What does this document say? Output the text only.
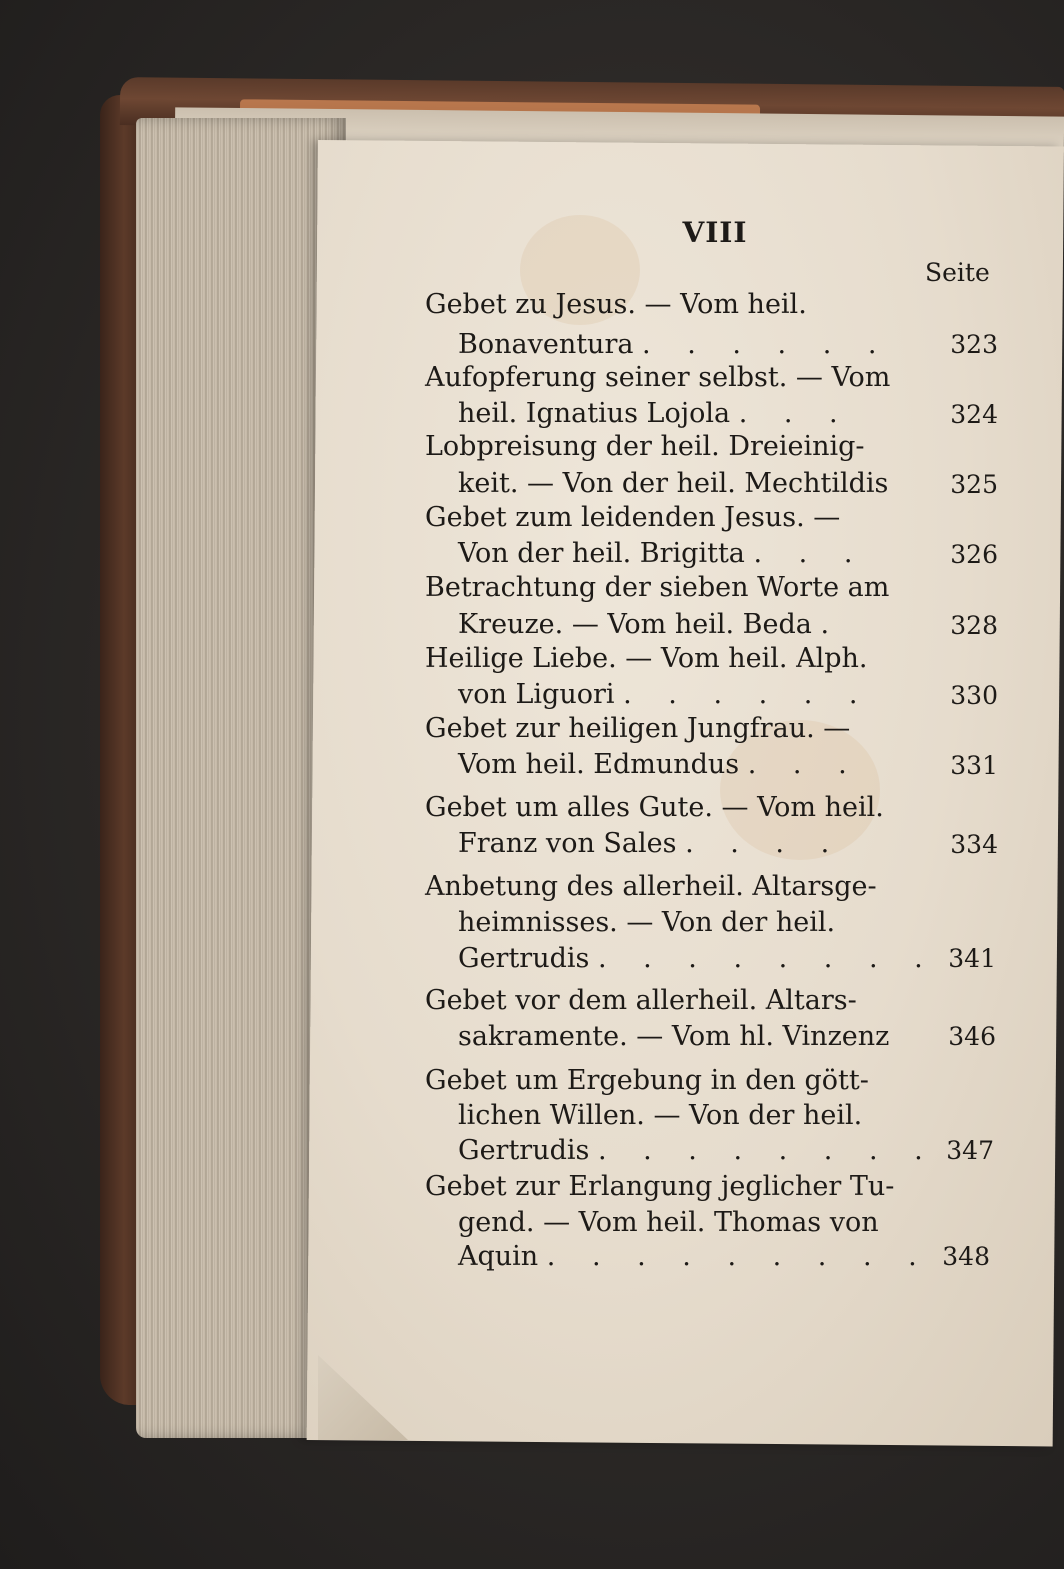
VIII
Seite
Gebet zu Jesus. — Vom heil.
Bonaventura . . . . . .	323
Aufopferung seiner selbst. — Vom
heil. Ignatius Lojola . . .	324
Lobpreisung der heil. Dreieinig-
keit. — Von der heil. Mechtildis	325
Gebet zum leidenden Jesus. —
Von der heil. Brigitta . . .	326
Betrachtung der sieben Worte am
Kreuze. — Vom heil. Beda .	328
Heilige Liebe. — Vom heil. Alph.
von Liguori . . . . . .	330
Gebet zur heiligen Jungfrau. —
Vom heil. Edmundus . . .	331
Gebet um alles Gute. — Vom heil.
Franz von Sales . . . .	334
Anbetung des allerheil. Altarsge-
heimnisses. — Von der heil.
Gertrudis . . . . . . . . 341
Gebet vor dem allerheil. Altars-
sakramente. — Vom hl. Vinzenz	346
Gebet um Ergebung in den gött-
lichen Willen. — Von der heil.
Gertrudis . . . . . . . . 347
Gebet zur Erlangung jeglicher Tu-
gend. — Vom heil. Thomas von
Aquin . . . . . . . . . 348
